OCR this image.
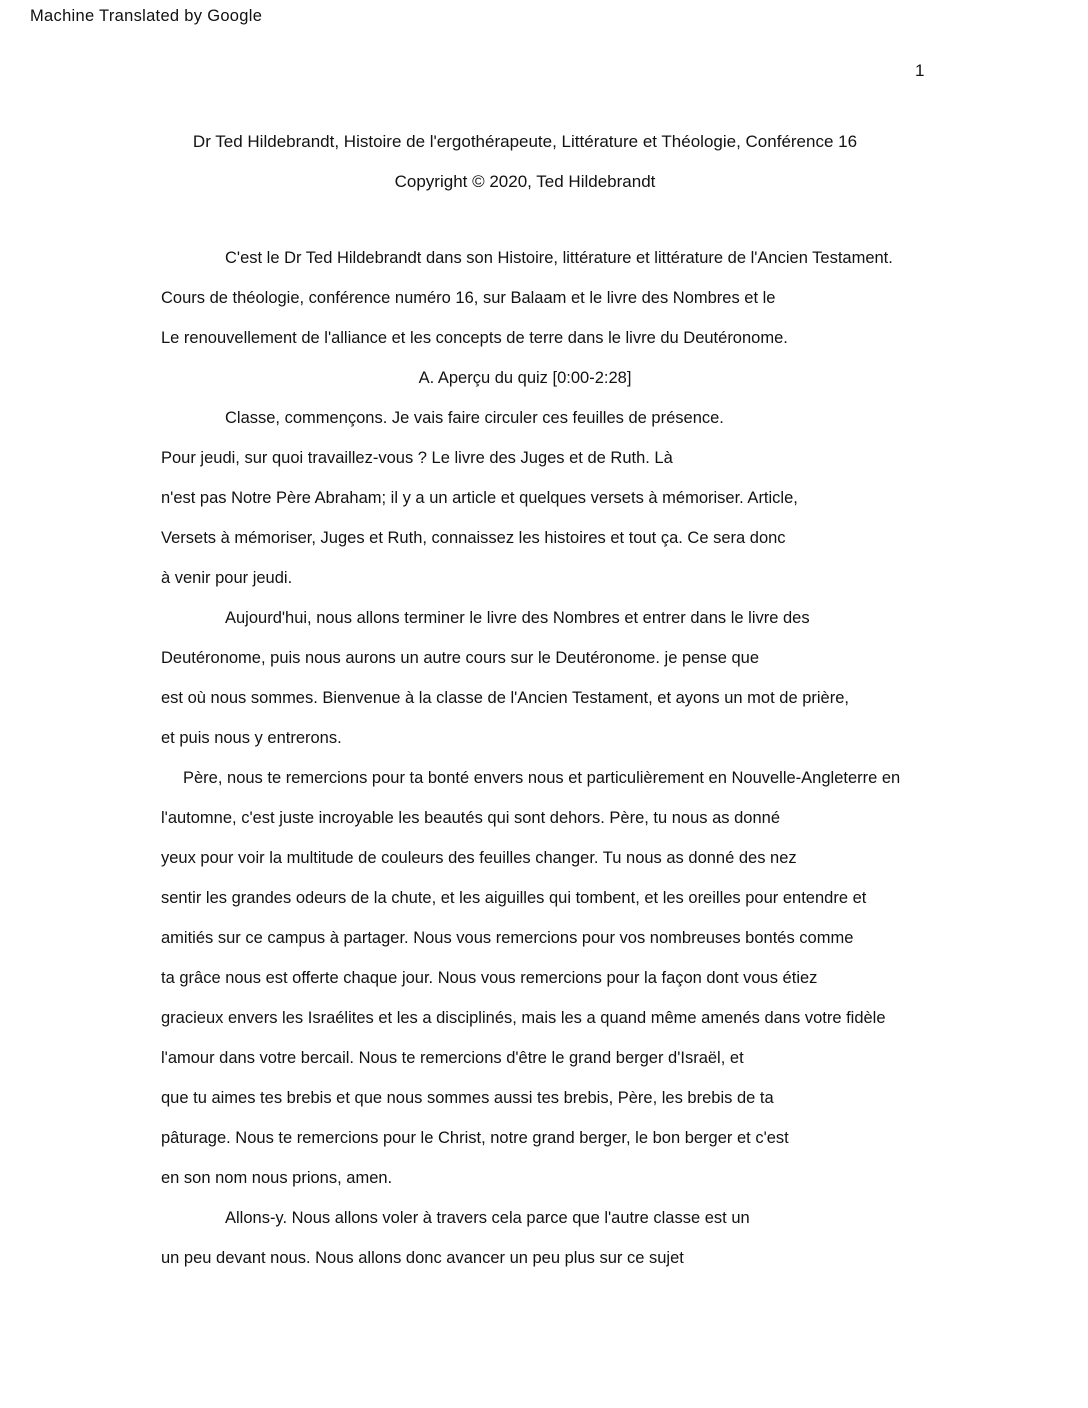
Machine Translated by Google
1
Dr Ted Hildebrandt, Histoire de l'ergothérapeute, Littérature et Théologie, Conférence 16
Copyright © 2020, Ted Hildebrandt
C'est le Dr Ted Hildebrandt dans son Histoire, littérature et littérature de l'Ancien Testament.
Cours de théologie, conférence numéro 16, sur Balaam et le livre des Nombres et le
Le renouvellement de l'alliance et les concepts de terre dans le livre du Deutéronome.
A. Aperçu du quiz [0:00-2:28]
Classe, commençons. Je vais faire circuler ces feuilles de présence.
Pour jeudi, sur quoi travaillez-vous ? Le livre des Juges et de Ruth. Là
n'est pas Notre Père Abraham; il y a un article et quelques versets à mémoriser. Article,
Versets à mémoriser, Juges et Ruth, connaissez les histoires et tout ça. Ce sera donc
à venir pour jeudi.
Aujourd'hui, nous allons terminer le livre des Nombres et entrer dans le livre des
Deutéronome, puis nous aurons un autre cours sur le Deutéronome. je pense que
est où nous sommes. Bienvenue à la classe de l'Ancien Testament, et ayons un mot de prière,
et puis nous y entrerons.
Père, nous te remercions pour ta bonté envers nous et particulièrement en Nouvelle-Angleterre en
l'automne, c'est juste incroyable les beautés qui sont dehors. Père, tu nous as donné
yeux pour voir la multitude de couleurs des feuilles changer. Tu nous as donné des nez
sentir les grandes odeurs de la chute, et les aiguilles qui tombent, et les oreilles pour entendre et
amitiés sur ce campus à partager. Nous vous remercions pour vos nombreuses bontés comme
ta grâce nous est offerte chaque jour. Nous vous remercions pour la façon dont vous étiez
gracieux envers les Israélites et les a disciplinés, mais les a quand même amenés dans votre fidèle
l'amour dans votre bercail. Nous te remercions d'être le grand berger d'Israël, et
que tu aimes tes brebis et que nous sommes aussi tes brebis, Père, les brebis de ta
pâturage. Nous te remercions pour le Christ, notre grand berger, le bon berger et c'est
en son nom nous prions, amen.
Allons-y. Nous allons voler à travers cela parce que l'autre classe est un
un peu devant nous. Nous allons donc avancer un peu plus sur ce sujet
